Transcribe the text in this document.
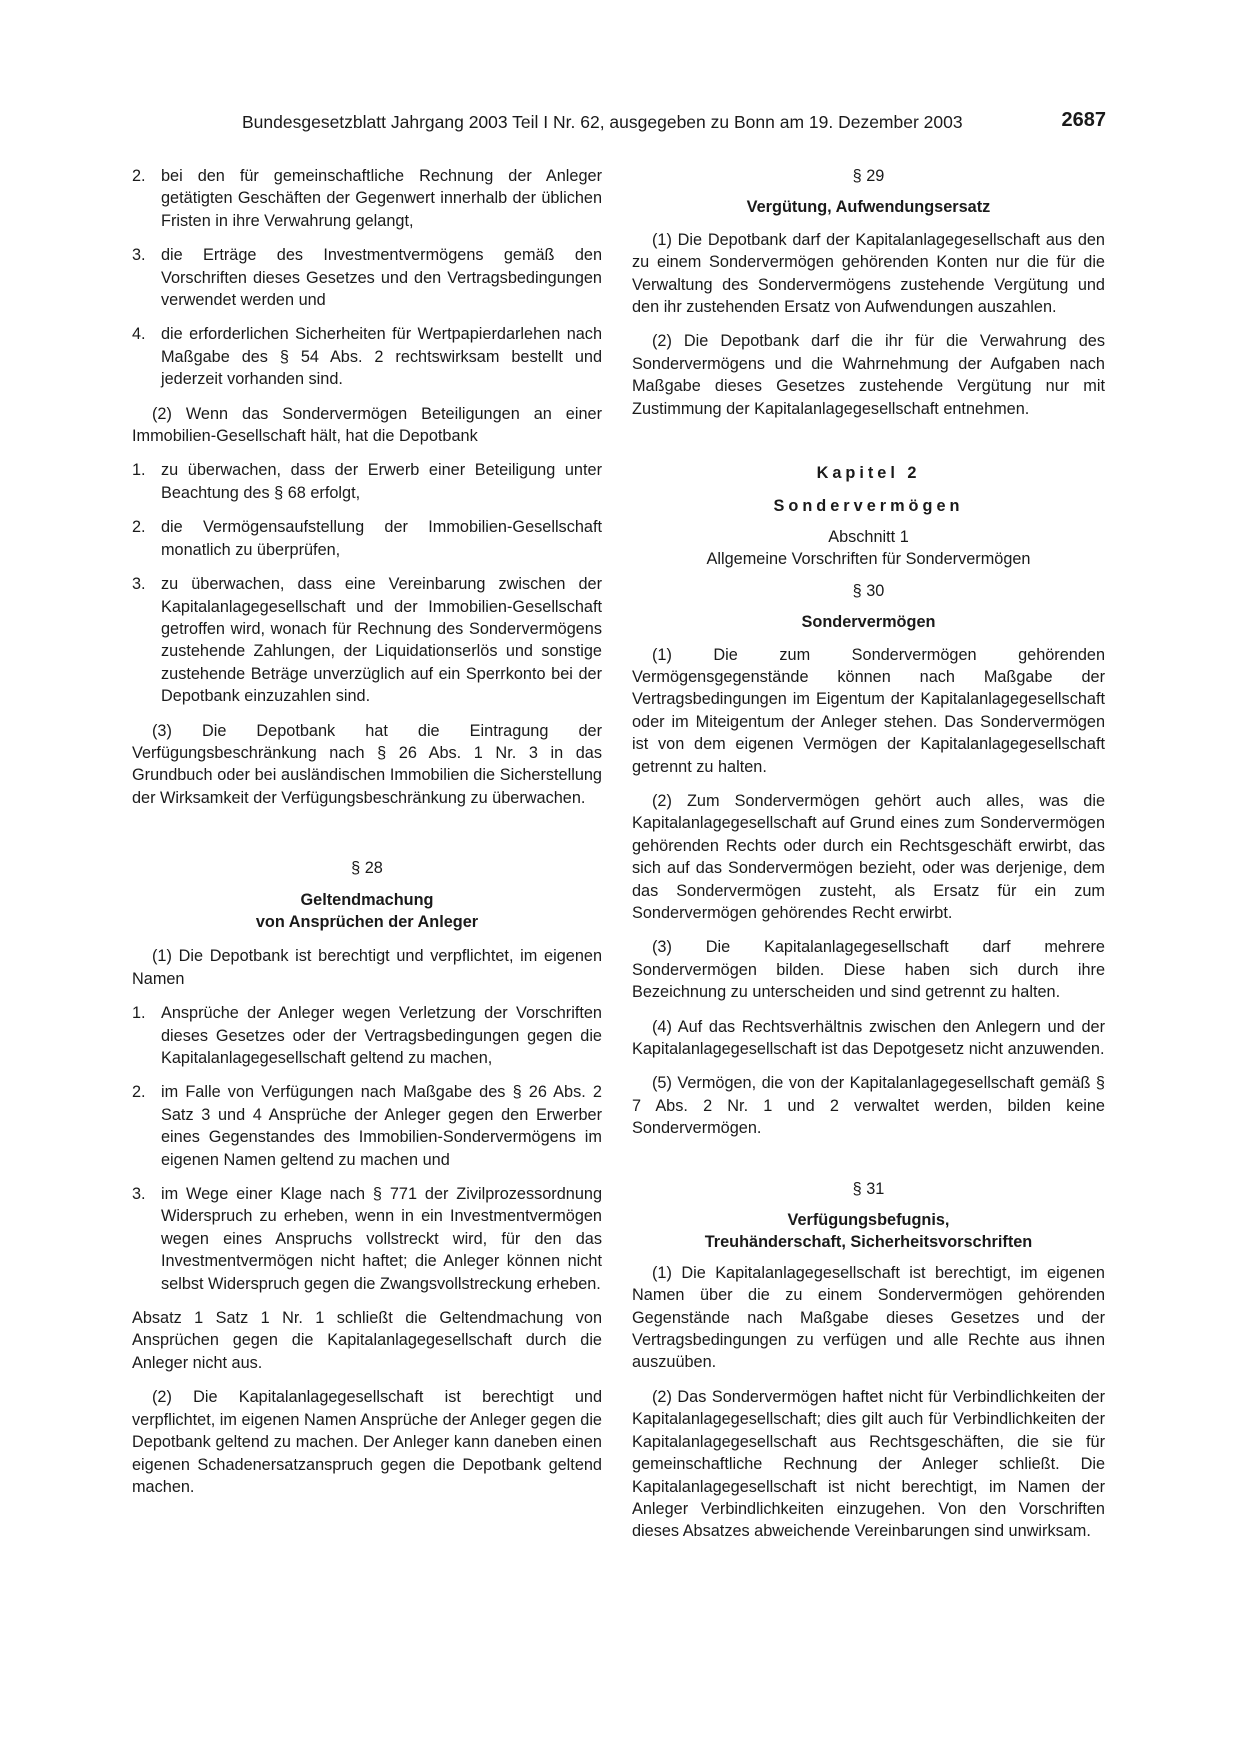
Bundesgesetzblatt Jahrgang 2003 Teil I Nr. 62, ausgegeben zu Bonn am 19. Dezember 2003	2687
2. bei den für gemeinschaftliche Rechnung der Anleger getätigten Geschäften der Gegenwert innerhalb der üblichen Fristen in ihre Verwahrung gelangt,
3. die Erträge des Investmentvermögens gemäß den Vorschriften dieses Gesetzes und den Vertragsbedingungen verwendet werden und
4. die erforderlichen Sicherheiten für Wertpapierdarlehen nach Maßgabe des § 54 Abs. 2 rechtswirksam bestellt und jederzeit vorhanden sind.

(2) Wenn das Sondervermögen Beteiligungen an einer Immobilien-Gesellschaft hält, hat die Depotbank

1. zu überwachen, dass der Erwerb einer Beteiligung unter Beachtung des § 68 erfolgt,
2. die Vermögensaufstellung der Immobilien-Gesellschaft monatlich zu überprüfen,
3. zu überwachen, dass eine Vereinbarung zwischen der Kapitalanlagegesellschaft und der Immobilien-Gesellschaft getroffen wird, wonach für Rechnung des Sondervermögens zustehende Zahlungen, der Liquidationserlös und sonstige zustehende Beträge unverzüglich auf ein Sperrkonto bei der Depotbank einzuzahlen sind.

(3) Die Depotbank hat die Eintragung der Verfügungsbeschränkung nach § 26 Abs. 1 Nr. 3 in das Grundbuch oder bei ausländischen Immobilien die Sicherstellung der Wirksamkeit der Verfügungsbeschränkung zu überwachen.

§ 28
Geltendmachung
von Ansprüchen der Anleger

(1) Die Depotbank ist berechtigt und verpflichtet, im eigenen Namen

1. Ansprüche der Anleger wegen Verletzung der Vorschriften dieses Gesetzes oder der Vertragsbedingungen gegen die Kapitalanlagegesellschaft geltend zu machen,
2. im Falle von Verfügungen nach Maßgabe des § 26 Abs. 2 Satz 3 und 4 Ansprüche der Anleger gegen den Erwerber eines Gegenstandes des Immobilien-Sondervermögens im eigenen Namen geltend zu machen und
3. im Wege einer Klage nach § 771 der Zivilprozessordnung Widerspruch zu erheben, wenn in ein Investmentvermögen wegen eines Anspruchs vollstreckt wird, für den das Investmentvermögen nicht haftet; die Anleger können nicht selbst Widerspruch gegen die Zwangsvollstreckung erheben.

Absatz 1 Satz 1 Nr. 1 schließt die Geltendmachung von Ansprüchen gegen die Kapitalanlagegesellschaft durch die Anleger nicht aus.

(2) Die Kapitalanlagegesellschaft ist berechtigt und verpflichtet, im eigenen Namen Ansprüche der Anleger gegen die Depotbank geltend zu machen. Der Anleger kann daneben einen eigenen Schadenersatzanspruch gegen die Depotbank geltend machen.

§ 29
Vergütung, Aufwendungsersatz

(1) Die Depotbank darf der Kapitalanlagegesellschaft aus den zu einem Sondervermögen gehörenden Konten nur die für die Verwaltung des Sondervermögens zustehende Vergütung und den ihr zustehenden Ersatz von Aufwendungen auszahlen.

(2) Die Depotbank darf die ihr für die Verwahrung des Sondervermögens und die Wahrnehmung der Aufgaben nach Maßgabe dieses Gesetzes zustehende Vergütung nur mit Zustimmung der Kapitalanlagegesellschaft entnehmen.

Kapitel 2
Sondervermögen
Abschnitt 1
Allgemeine Vorschriften für Sondervermögen
§ 30
Sondervermögen

(1) Die zum Sondervermögen gehörenden Vermögensgegenstände können nach Maßgabe der Vertragsbedingungen im Eigentum der Kapitalanlagegesellschaft oder im Miteigentum der Anleger stehen. Das Sondervermögen ist von dem eigenen Vermögen der Kapitalanlagegesellschaft getrennt zu halten.

(2) Zum Sondervermögen gehört auch alles, was die Kapitalanlagegesellschaft auf Grund eines zum Sondervermögen gehörenden Rechts oder durch ein Rechtsgeschäft erwirbt, das sich auf das Sondervermögen bezieht, oder was derjenige, dem das Sondervermögen zusteht, als Ersatz für ein zum Sondervermögen gehörendes Recht erwirbt.

(3) Die Kapitalanlagegesellschaft darf mehrere Sondervermögen bilden. Diese haben sich durch ihre Bezeichnung zu unterscheiden und sind getrennt zu halten.

(4) Auf das Rechtsverhältnis zwischen den Anlegern und der Kapitalanlagegesellschaft ist das Depotgesetz nicht anzuwenden.

(5) Vermögen, die von der Kapitalanlagegesellschaft gemäß § 7 Abs. 2 Nr. 1 und 2 verwaltet werden, bilden keine Sondervermögen.

§ 31
Verfügungsbefugnis,
Treuhänderschaft, Sicherheitsvorschriften

(1) Die Kapitalanlagegesellschaft ist berechtigt, im eigenen Namen über die zu einem Sondervermögen gehörenden Gegenstände nach Maßgabe dieses Gesetzes und der Vertragsbedingungen zu verfügen und alle Rechte aus ihnen auszuüben.

(2) Das Sondervermögen haftet nicht für Verbindlichkeiten der Kapitalanlagegesellschaft; dies gilt auch für Verbindlichkeiten der Kapitalanlagegesellschaft aus Rechtsgeschäften, die sie für gemeinschaftliche Rechnung der Anleger schließt. Die Kapitalanlagegesellschaft ist nicht berechtigt, im Namen der Anleger Verbindlichkeiten einzugehen. Von den Vorschriften dieses Absatzes abweichende Vereinbarungen sind unwirksam.
